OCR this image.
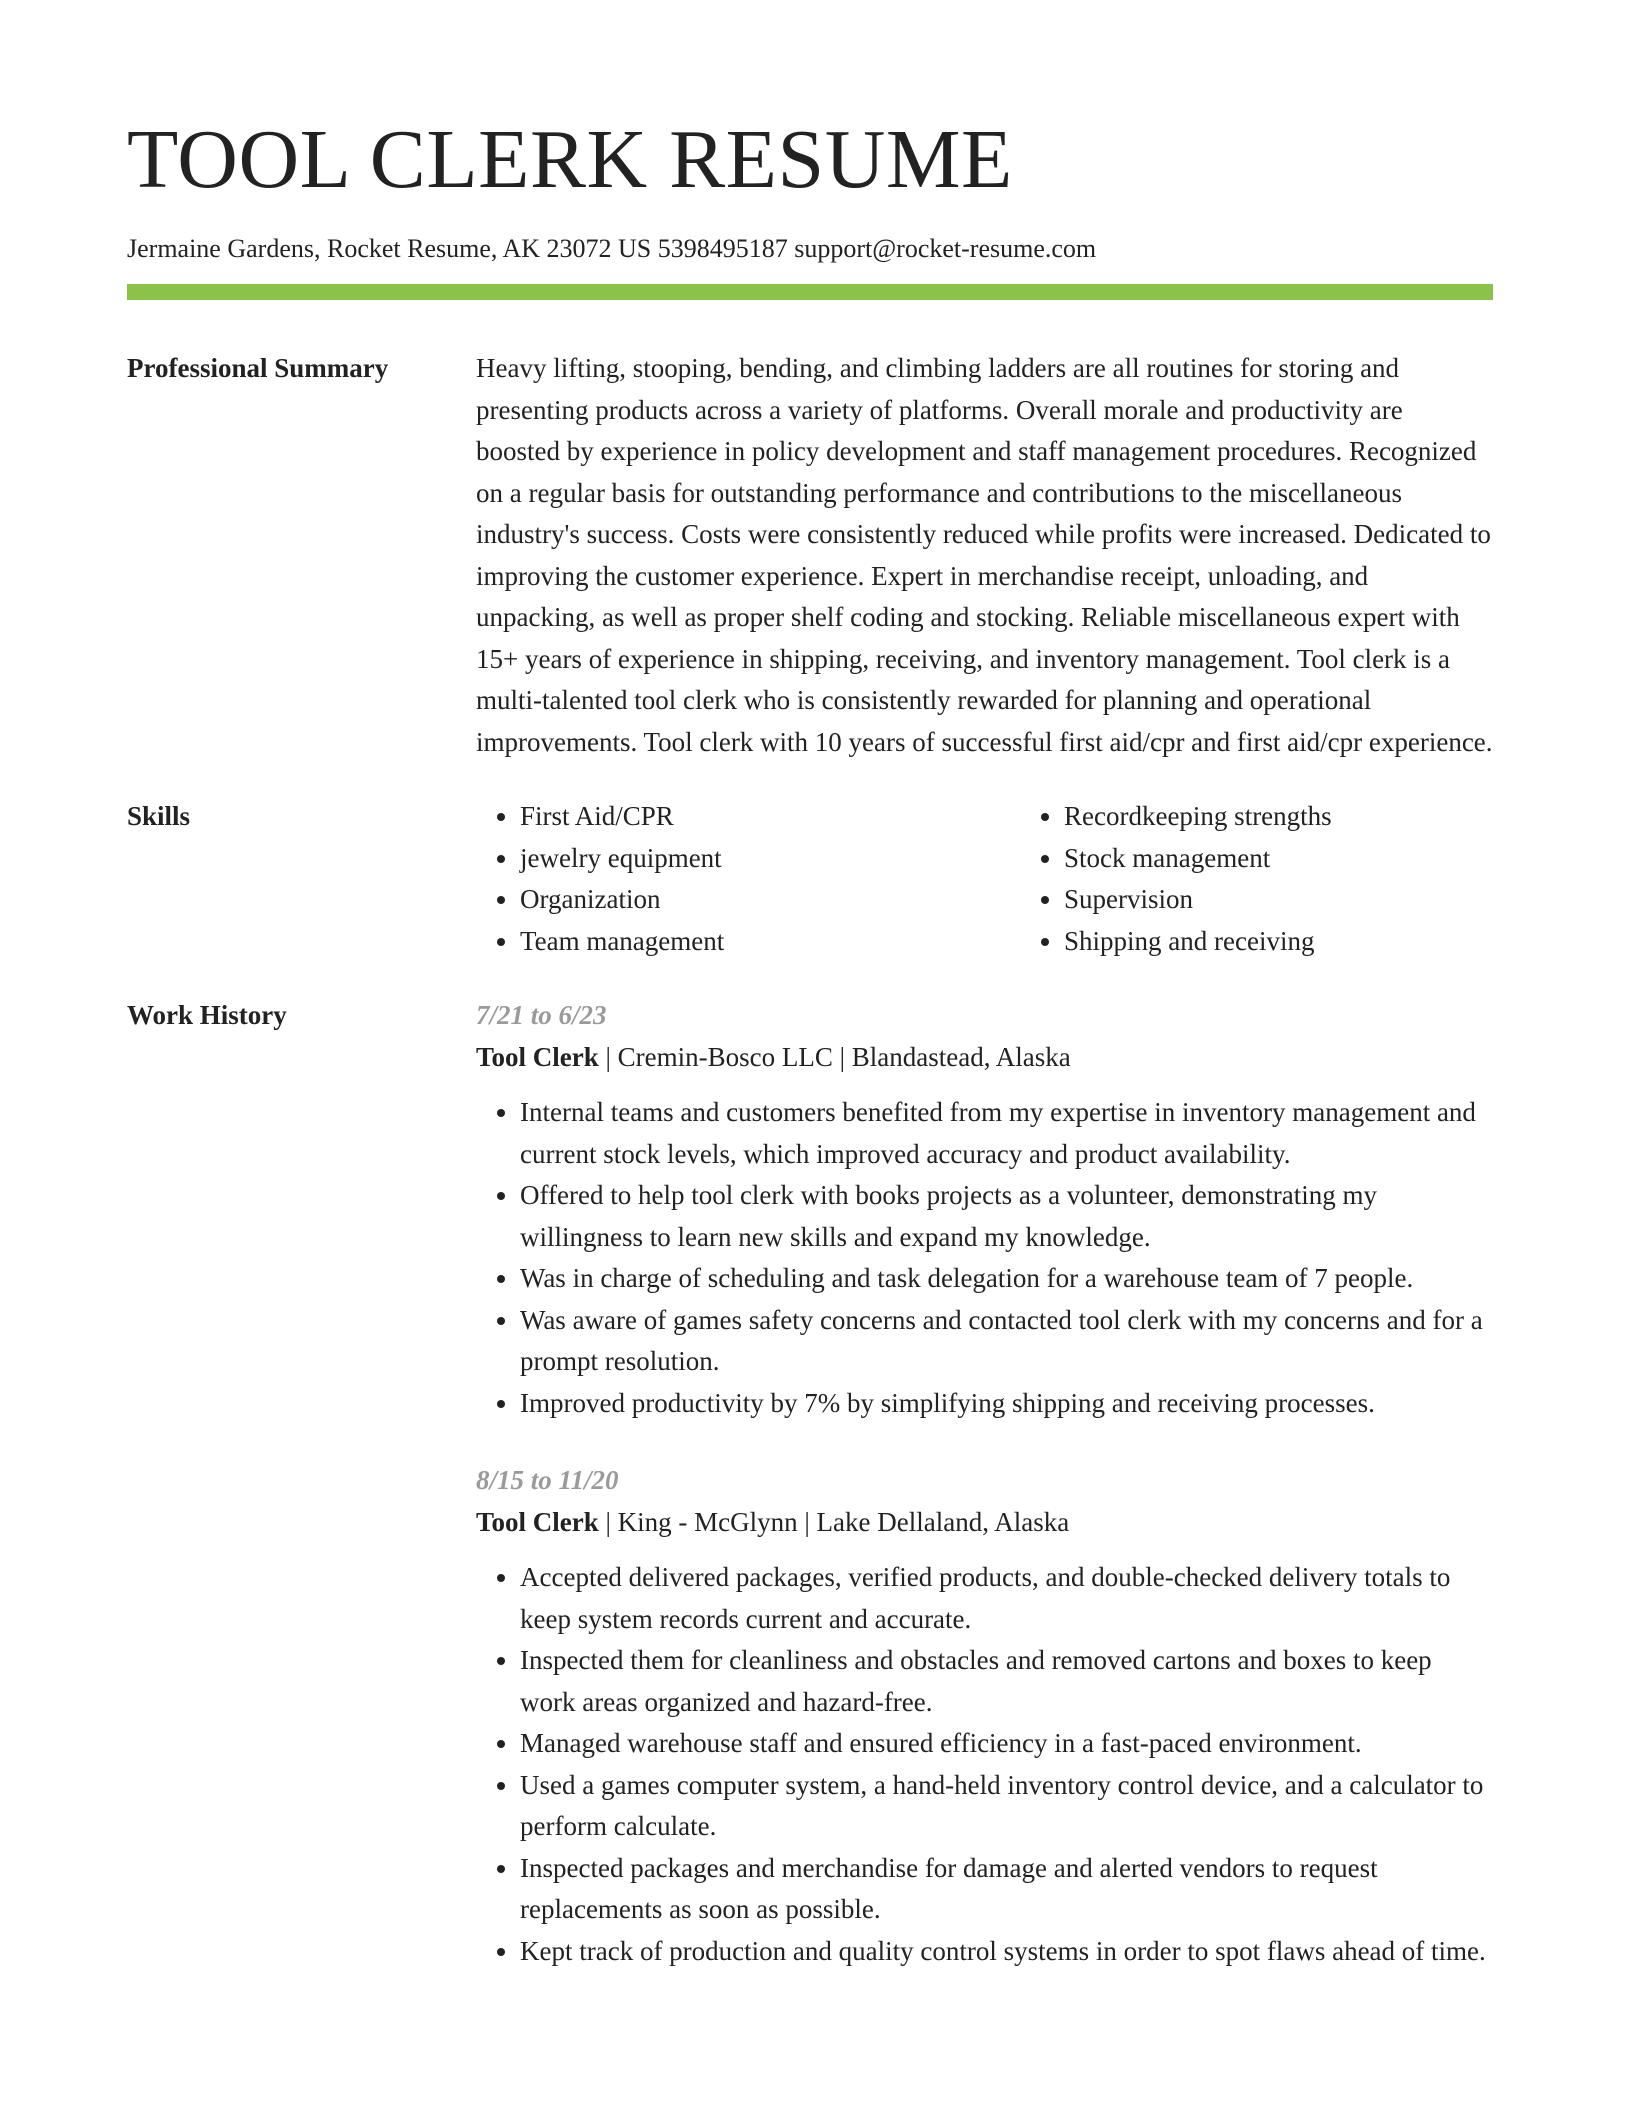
TOOL CLERK RESUME
Jermaine Gardens, Rocket Resume, AK 23072 US 5398495187 support@rocket-resume.com
Professional Summary	Heavy lifting, stooping, bending, and climbing ladders are all routines for storing and presenting products across a variety of platforms. Overall morale and productivity are boosted by experience in policy development and staff management procedures. Recognized on a regular basis for outstanding performance and contributions to the miscellaneous industry's success. Costs were consistently reduced while profits were increased. Dedicated to improving the customer experience. Expert in merchandise receipt, unloading, and unpacking, as well as proper shelf coding and stocking. Reliable miscellaneous expert with 15+ years of experience in shipping, receiving, and inventory management. Tool clerk is a multi-talented tool clerk who is consistently rewarded for planning and operational improvements. Tool clerk with 10 years of successful first aid/cpr and first aid/cpr experience.

Skills
•	First Aid/CPR
• jewelry equipment
• Organization
• Team management
• Recordkeeping strengths
• Stock management
• Supervision
• Shipping and receiving
Work History	7/21 to 6/23
Tool Clerk | Cremin-Bosco LLC | Blandastead, Alaska
• Internal teams and customers benefited from my expertise in inventory management and current stock levels, which improved accuracy and product availability.
• Offered to help tool clerk with books projects as a volunteer, demonstrating my willingness to learn new skills and expand my knowledge.
• Was in charge of scheduling and task delegation for a warehouse team of 7 people.
• Was aware of games safety concerns and contacted tool clerk with my concerns and for a prompt resolution.
• Improved productivity by 7% by simplifying shipping and receiving processes.
8/15 to 11/20
Tool Clerk | King - McGlynn | Lake Dellaland, Alaska
• Accepted delivered packages, verified products, and double-checked delivery totals to keep system records current and accurate.
• Inspected them for cleanliness and obstacles and removed cartons and boxes to keep work areas organized and hazard-free.
• Managed warehouse staff and ensured efficiency in a fast-paced environment.
• Used a games computer system, a hand-held inventory control device, and a calculator to perform calculate.
• Inspected packages and merchandise for damage and alerted vendors to request replacements as soon as possible.
• Kept track of production and quality control systems in order to spot flaws ahead of time.
